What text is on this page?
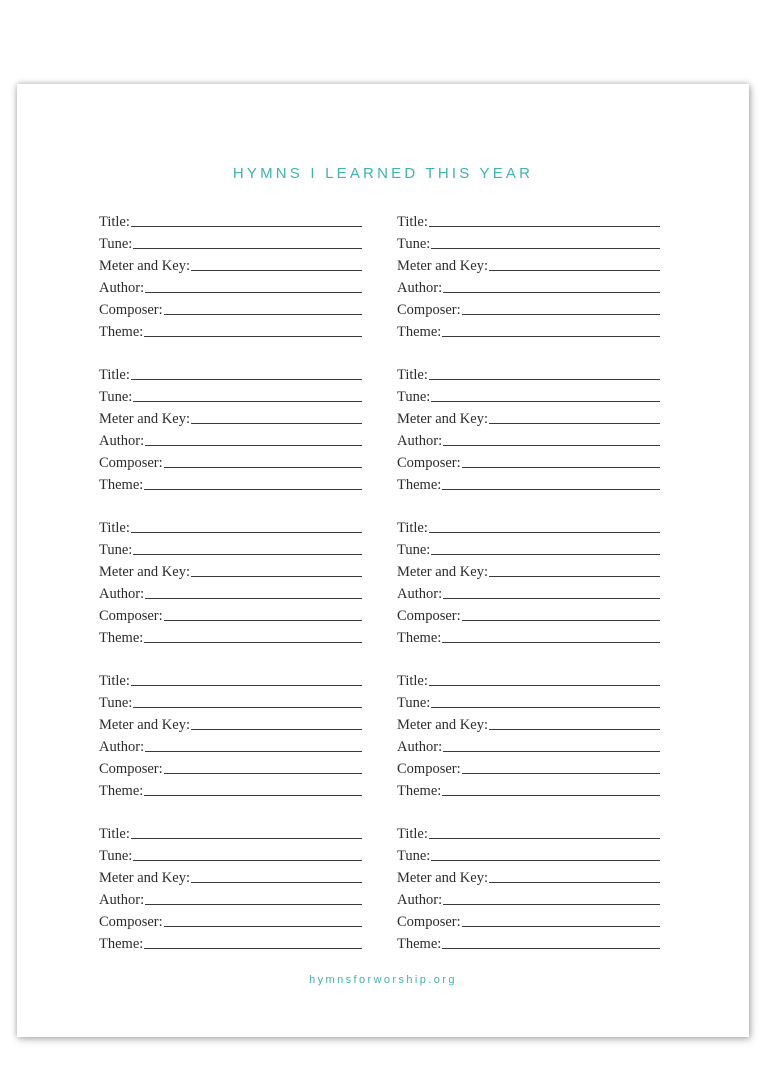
HYMNS I LEARNED THIS YEAR
Title:
Tune:
Meter and Key:
Author:
Composer:
Theme:
Title:
Tune:
Meter and Key:
Author:
Composer:
Theme:
Title:
Tune:
Meter and Key:
Author:
Composer:
Theme:
Title:
Tune:
Meter and Key:
Author:
Composer:
Theme:
Title:
Tune:
Meter and Key:
Author:
Composer:
Theme:
Title:
Tune:
Meter and Key:
Author:
Composer:
Theme:
Title:
Tune:
Meter and Key:
Author:
Composer:
Theme:
Title:
Tune:
Meter and Key:
Author:
Composer:
Theme:
Title:
Tune:
Meter and Key:
Author:
Composer:
Theme:
Title:
Tune:
Meter and Key:
Author:
Composer:
Theme:
hymnsforworship.org
